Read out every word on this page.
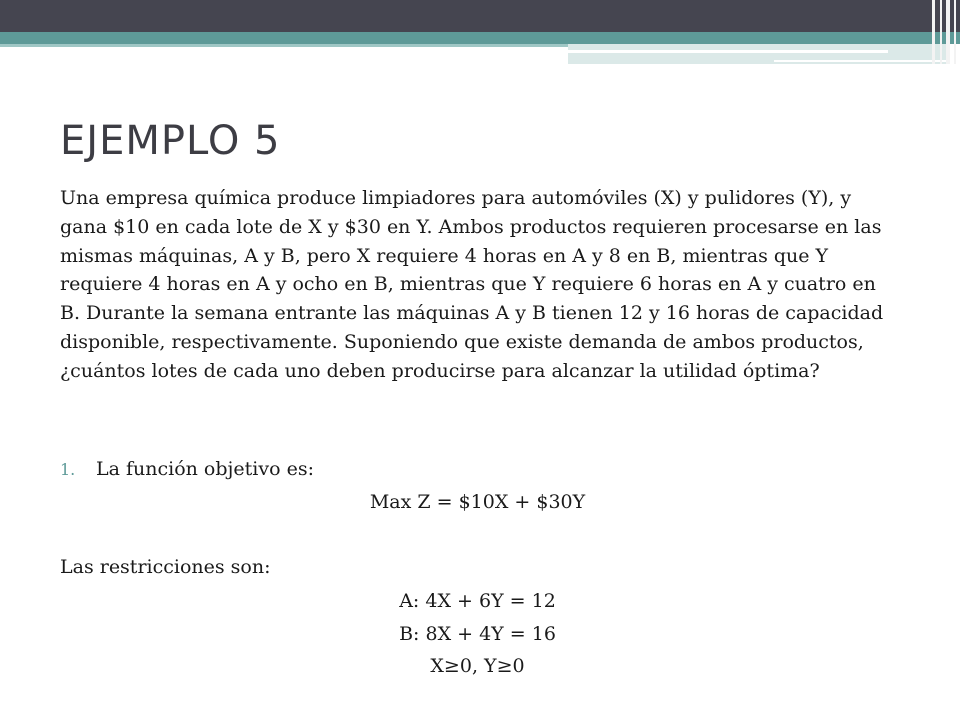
EJEMPLO 5

Una empresa química produce limpiadores para automóviles (X) y pulidores (Y), y gana $10 en cada lote de X y $30 en Y. Ambos productos requieren procesarse en las mismas máquinas, A y B, pero X requiere 4 horas en A y 8 en B, mientras que Y requiere 4 horas en A y ocho en B, mientras que Y requiere 6 horas en A y cuatro en B. Durante la semana entrante las máquinas A y B tienen 12 y 16 horas de capacidad disponible, respectivamente. Suponiendo que existe demanda de ambos productos, ¿cuántos lotes de cada uno deben producirse para alcanzar la utilidad óptima?

1. La función objetivo es:

Max Z = $10X + $30Y

Las restricciones son:

A: 4X + 6Y = 12

B: 8X + 4Y = 16

X≥0, Y≥0
